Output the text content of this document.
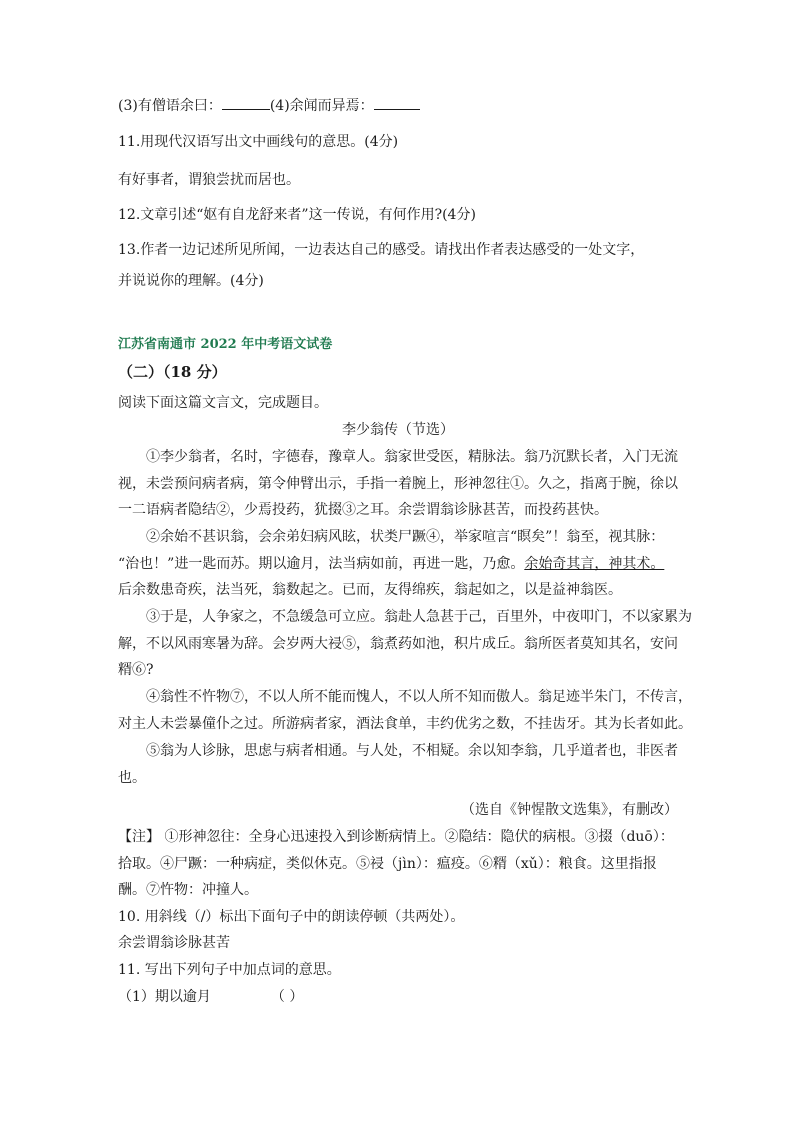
(3)有僧语余曰：	(4)余闻而异焉：
11.用现代汉语写出文中画线句的意思。(4分)
有好事者，谓狼尝扰而居也。
12.文章引述“妪有自龙舒来者”这一传说，有何作用?(4分)
13.作者一边记述所见所闻，一边表达自己的感受。请找出作者表达感受的一处文字，
并说说你的理解。(4分)
江苏省南通市 2022 年中考语文试卷
（二）（18 分）
阅读下面这篇文言文，完成题目。
李少翁传（节选）
①李少翁者，名时，字德春，豫章人。翁家世受医，精脉法。翁乃沉默长者，入门无流
视，未尝预问病者病，第令伸臂出示，手指一着腕上，形神忽往①。久之，指离于腕，徐以
一二语病者隐结②，少焉投药，犹掇③之耳。余尝谓翁诊脉甚苦，而投药甚快。
②余始不甚识翁，会余弟妇病风眩，状类尸蹶④，举家喧言“瞑矣”！翁至，视其脉：
“治也！”进一匙而苏。期以逾月，法当病如前，再进一匙，乃愈。余始奇其言，神其术。
后余数患奇疾，法当死，翁数起之。已而，友得绵疾，翁起如之，以是益神翁医。
③于是，人争家之，不急缓急可立应。翁赴人急甚于己，百里外，中夜叩门，不以家累为
解，不以风雨寒暑为辞。会岁两大祲⑤，翁煮药如池，积片成丘。翁所医者莫知其名，安问
糈⑥?
④翁性不忤物⑦，不以人所不能而愧人，不以人所不知而傲人。翁足迹半朱门，不传言，
对主人未尝暴僮仆之过。所游病者家，酒法食单，丰约优劣之数，不挂齿牙。其为长者如此。
⑤翁为人诊脉，思虑与病者相通。与人处，不相疑。余以知李翁，几乎道者也，非医者
也。
（选自《钟惺散文选集》，有删改）
【注】 ①形神忽往：全身心迅速投入到诊断病情上。②隐结：隐伏的病根。③掇（duō）：
拾取。④尸蹶：一种病症，类似休克。⑤祲（jìn）：瘟疫。⑥糈（xǔ）：粮食。这里指报
酬。⑦忤物：冲撞人。
10. 用斜线（/）标出下面句子中的朗读停顿（共两处）。
余尝谓翁诊脉甚苦
11. 写出下列句子中加点词的意思。
（1）期以逾月	（ ）
